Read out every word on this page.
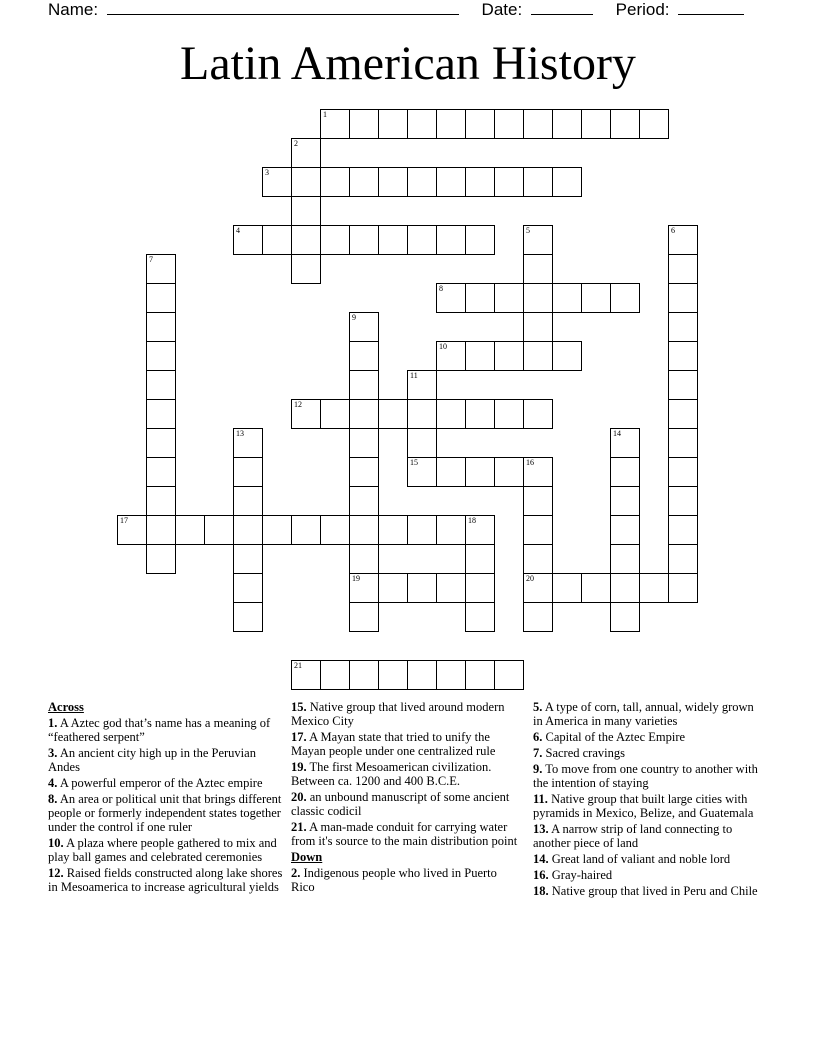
Name:	Date:	Period:
Latin American History
1
2
3
4	5	6
7
8
9
19
10
11
15
12
13	14
16
20
17	18
21
Across
1. A Aztec god that’s name has a meaning of “feathered serpent”
3. An ancient city high up in the Peruvian Andes
4. A powerful emperor of the Aztec empire
8. An area or political unit that brings different people or formerly independent states together under the control if one ruler
10. A plaza where people gathered to mix and play ball games and celebrated ceremonies
12. Raised fields constructed along lake shores in Mesoamerica to increase agricultural yields
15. Native group that lived around modern Mexico City
17. A Mayan state that tried to unify the Mayan people under one centralized rule
19. The first Mesoamerican civilization. Between ca. 1200 and 400 B.C.E.
20. an unbound manuscript of some ancient classic codicil
21. A man-made conduit for carrying water from it's source to the main distribution point
Down
2. Indigenous people who lived in Puerto Rico
5. A type of corn, tall, annual, widely grown in America in many varieties
6. Capital of the Aztec Empire
7. Sacred cravings
9. To move from one country to another with the intention of staying
11. Native group that built large cities with pyramids in Mexico, Belize, and Guatemala
13. A narrow strip of land connecting to another piece of land
14. Great land of valiant and noble lord
16. Gray-haired
18. Native group that lived in Peru and Chile
